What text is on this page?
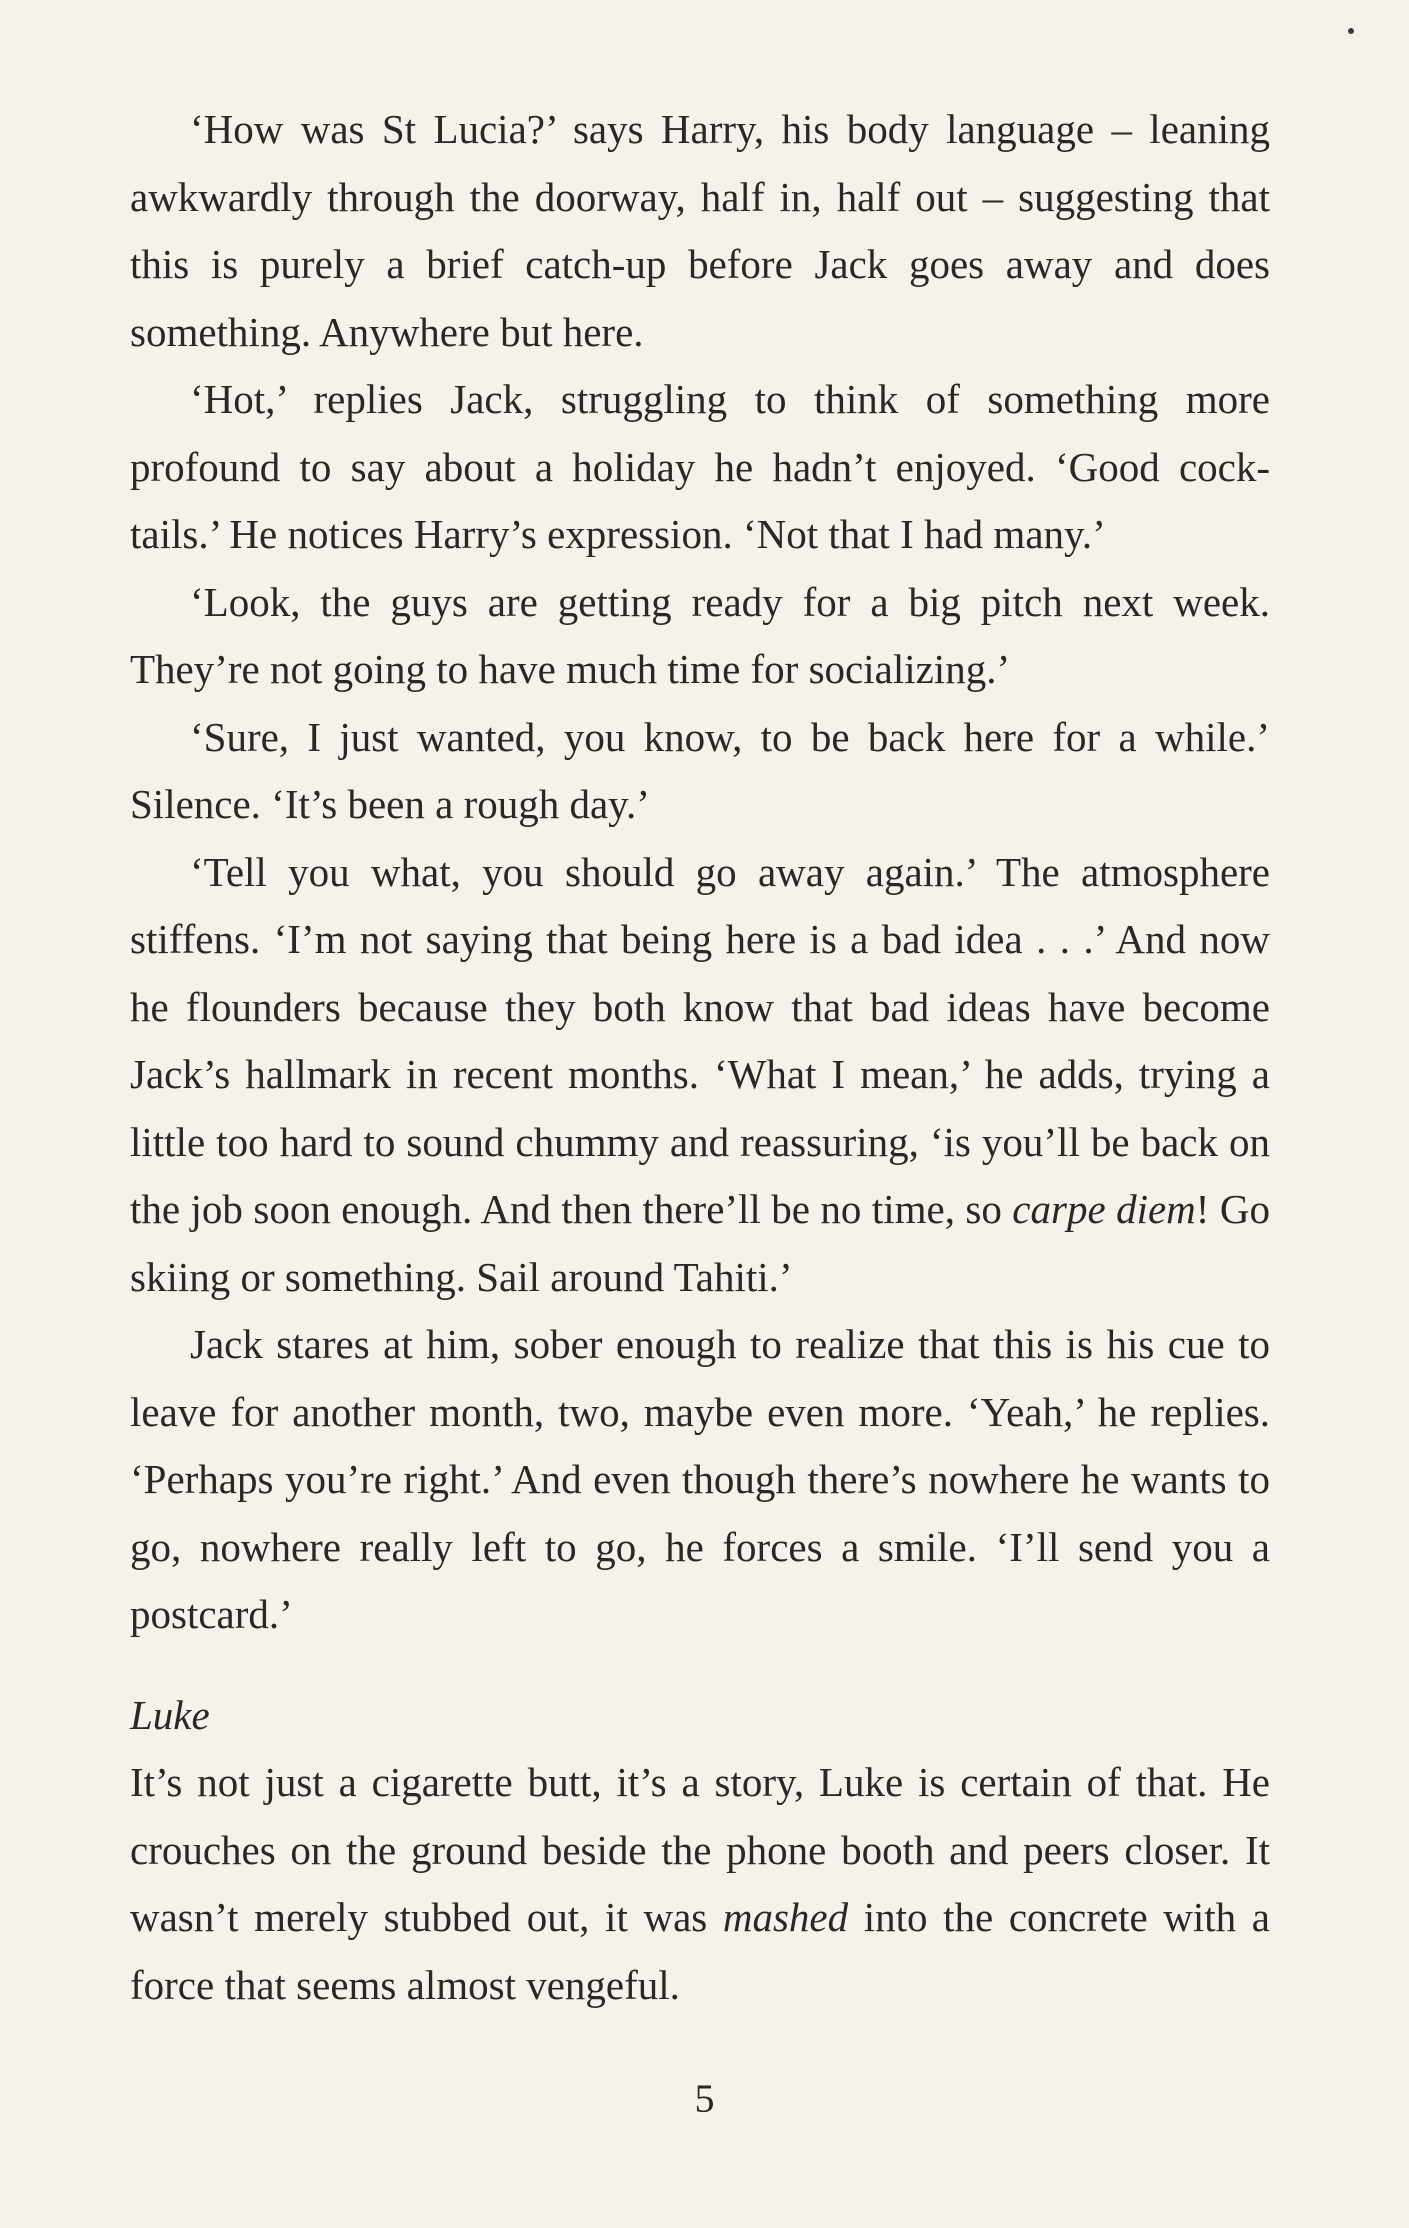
‘How was St Lucia?’ says Harry, his body language – leaning awkwardly through the doorway, half in, half out – suggesting that this is purely a brief catch-up before Jack goes away and does something. Anywhere but here.

‘Hot,’ replies Jack, struggling to think of something more profound to say about a holiday he hadn’t enjoyed. ‘Good cock-tails.’ He notices Harry’s expression. ‘Not that I had many.’

‘Look, the guys are getting ready for a big pitch next week. They’re not going to have much time for socializing.’

‘Sure, I just wanted, you know, to be back here for a while.’ Silence. ‘It’s been a rough day.’

‘Tell you what, you should go away again.’ The atmosphere stiffens. ‘I’m not saying that being here is a bad idea . . .’ And now he flounders because they both know that bad ideas have become Jack’s hallmark in recent months. ‘What I mean,’ he adds, trying a little too hard to sound chummy and reassuring, ‘is you’ll be back on the job soon enough. And then there’ll be no time, so carpe diem! Go skiing or something. Sail around Tahiti.’

Jack stares at him, sober enough to realize that this is his cue to leave for another month, two, maybe even more. ‘Yeah,’ he replies. ‘Perhaps you’re right.’ And even though there’s nowhere he wants to go, nowhere really left to go, he forces a smile. ‘I’ll send you a postcard.’

Luke

It’s not just a cigarette butt, it’s a story, Luke is certain of that. He crouches on the ground beside the phone booth and peers closer. It wasn’t merely stubbed out, it was mashed into the concrete with a force that seems almost vengeful.

5
